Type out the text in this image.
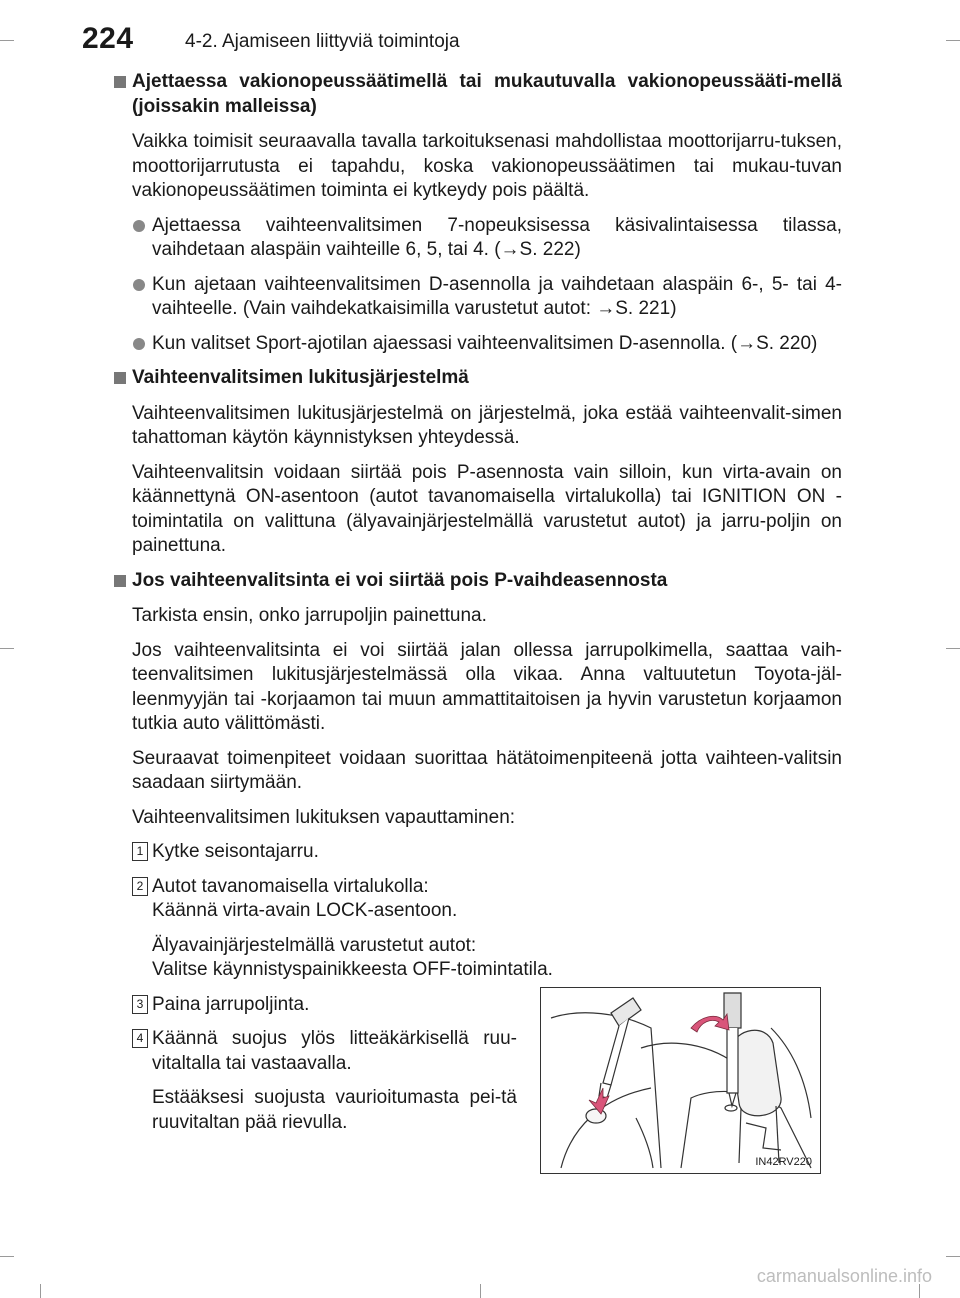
224	4-2. Ajamiseen liittyviä toimintoja
Ajettaessa vakionopeussäätimellä tai mukautuvalla vakionopeussääti-mellä (joissakin malleissa)
Vaikka toimisit seuraavalla tavalla tarkoituksenasi mahdollistaa moottorijarru-tuksen, moottorijarrutusta ei tapahdu, koska vakionopeussäätimen tai mukau-tuvan vakionopeussäätimen toiminta ei kytkeydy pois päältä.
Ajettaessa vaihteenvalitsimen 7-nopeuksisessa käsivalintaisessa tilassa, vaihdetaan alaspäin vaihteille 6, 5, tai 4. (→S. 222)
Kun ajetaan vaihteenvalitsimen D-asennolla ja vaihdetaan alaspäin 6-, 5- tai 4-vaihteelle. (Vain vaihdekatkaisimilla varustetut autot: →S. 221)
Kun valitset Sport-ajotilan ajaessasi vaihteenvalitsimen D-asennolla. (→S. 220)
Vaihteenvalitsimen lukitusjärjestelmä
Vaihteenvalitsimen lukitusjärjestelmä on järjestelmä, joka estää vaihteenvalit-simen tahattoman käytön käynnistyksen yhteydessä.
Vaihteenvalitsin voidaan siirtää pois P-asennosta vain silloin, kun virta-avain on käännettynä ON-asentoon (autot tavanomaisella virtalukolla) tai IGNITION ON -toimintatila on valittuna (älyavainjärjestelmällä varustetut autot) ja jarru-poljin on painettuna.
Jos vaihteenvalitsinta ei voi siirtää pois P-vaihdeasennosta
Tarkista ensin, onko jarrupoljin painettuna.
Jos vaihteenvalitsinta ei voi siirtää jalan ollessa jarrupolkimella, saattaa vaih-teenvalitsimen lukitusjärjestelmässä olla vikaa. Anna valtuutetun Toyota-jäl-leenmyyjän tai -korjaamon tai muun ammattitaitoisen ja hyvin varustetun korjaamon tutkia auto välittömästi.
Seuraavat toimenpiteet voidaan suorittaa hätätoimenpiteenä jotta vaihteen-valitsin saadaan siirtymään.
Vaihteenvalitsimen lukituksen vapauttaminen:
1 Kytke seisontajarru.
2 Autot tavanomaisella virtalukolla:
Käännä virta-avain LOCK-asentoon.
Älyavainjärjestelmällä varustetut autot:
Valitse käynnistyspainikkeesta OFF-toimintatila.
3 Paina jarrupoljinta.
4 Käännä suojus ylös litteäkärkisellä ruu-vitaltalla tai vastaavalla.
Estääksesi suojusta vaurioitumasta pei-tä ruuvitaltan pää rievulla.
IN42RV220
carmanualsonline.info
